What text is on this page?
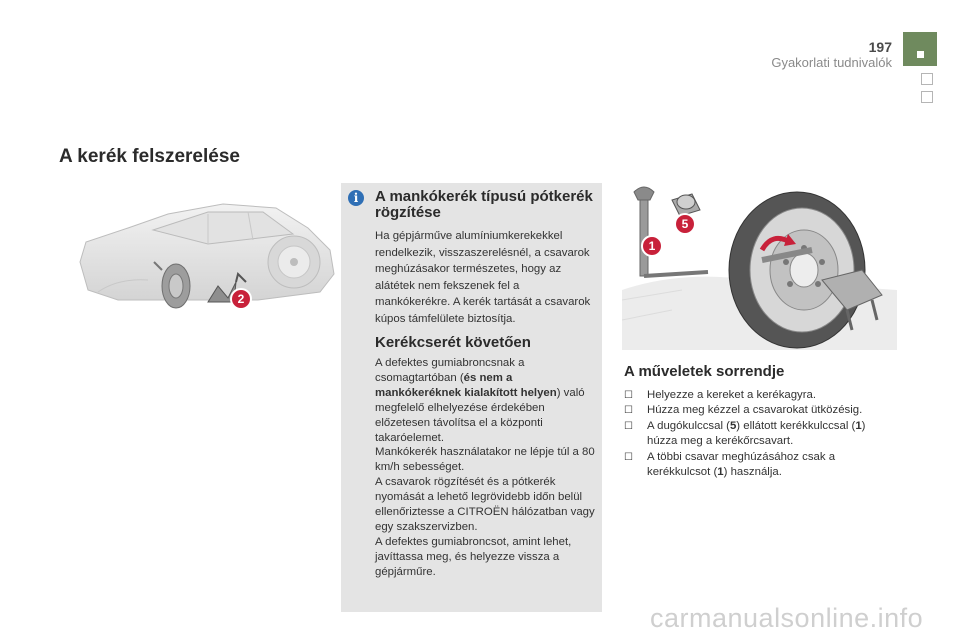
197
Gyakorlati tudnivalók
A kerék felszerelése
2
i	A mankókerék típusú pótkerék rögzítése
Ha gépjárműve alumíniumkerekekkel rendelkezik, visszaszerelésnél, a csavarok meghúzásakor természetes, hogy az alátétek nem fekszenek fel a mankókerékre. A kerék tartását a csavarok kúpos támfelülete biztosítja.
Kerékcserét követően
A defektes gumiabroncsnak a csomagtartóban (és nem a mankókeréknek kialakított helyen) való megfelelő elhelyezése érdekében előzetesen távolítsa el a központi takaróelemet.
Mankókerék használatakor ne lépje túl a 80 km/h sebességet.
A csavarok rögzítését és a pótkerék nyomását a lehető legrövidebb időn belül ellenőriztesse a CITROËN hálózatban vagy egy szakszervizben.
A defektes gumiabroncsot, amint lehet, javíttassa meg, és helyezze vissza a gépjárműre.
1
5
A műveletek sorrendje
☐ Helyezze a kereket a kerékagyra.
☐ Húzza meg kézzel a csavarokat ütközésig.
☐ A dugókulccsal (5) ellátott kerékkulccsal (1) húzza meg a kerékőrcsavart.
☐ A többi csavar meghúzásához csak a kerékkulcsot (1) használja.
carmanualsonline.info
